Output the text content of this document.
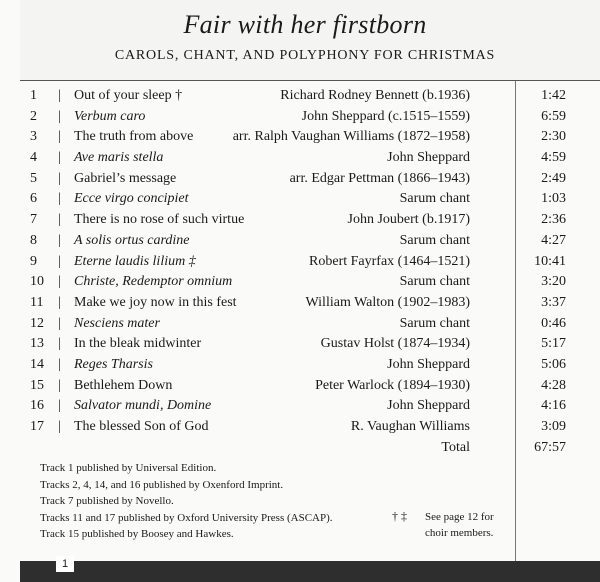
Fair with her firstborn
CAROLS, CHANT, AND POLYPHONY FOR CHRISTMAS
1	| Out of your sleep †	Richard Rodney Bennett (b.1936)	1:42
2	| Verbum caro	John Sheppard (c.1515–1559)	6:59
3	| The truth from above	arr. Ralph Vaughan Williams (1872–1958)	2:30
4	| Ave maris stella	John Sheppard	4:59
5	| Gabriel’s message	arr. Edgar Pettman (1866–1943)	2:49
6	| Ecce virgo concipiet	Sarum chant	1:03
7	| There is no rose of such virtue	John Joubert (b.1917)	2:36
8	| A solis ortus cardine	Sarum chant	4:27
9	| Eterne laudis lilium ‡	Robert Fayrfax (1464–1521)	10:41
10	| Christe, Redemptor omnium	Sarum chant	3:20
11	| Make we joy now in this fest	William Walton (1902–1983)	3:37
12	| Nesciens mater	Sarum chant	0:46
13	| In the bleak midwinter	Gustav Holst (1874–1934)	5:17
14	| Reges Tharsis	John Sheppard	5:06
15	| Bethlehem Down	Peter Warlock (1894–1930)	4:28
16	| Salvator mundi, Domine	John Sheppard	4:16
17	| The blessed Son of God	R. Vaughan Williams	3:09
Total	67:57
Track 1 published by Universal Edition.
Tracks 2, 4, 14, and 16 published by Oxenford Imprint.
Track 7 published by Novello.
Tracks 11 and 17 published by Oxford University Press (ASCAP).
Track 15 published by Boosey and Hawkes.
† ‡ See page 12 for
choir members.
1
